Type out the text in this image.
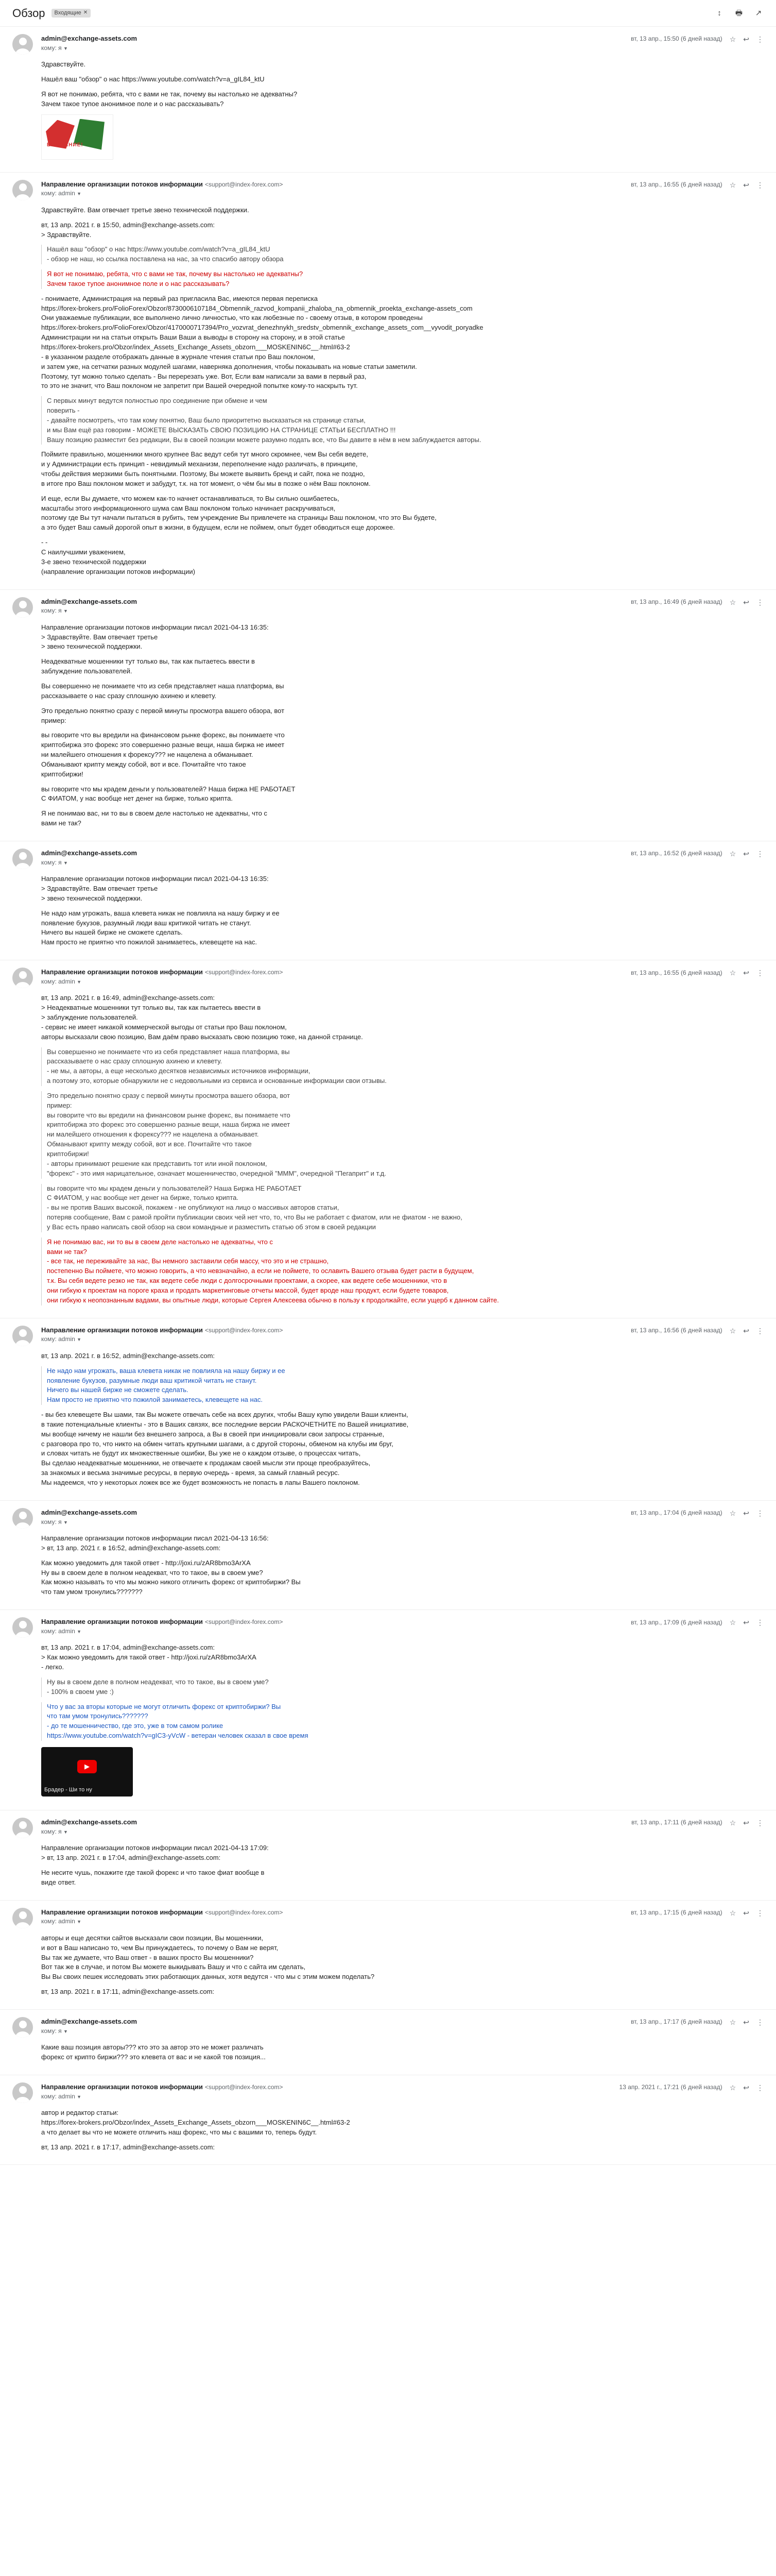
Обзор Входящие ✕	↕	🖶 ↗
admin@exchange-assets.com
кому: я ▼
вт, 13 апр., 15:50 (6 дней назад) ☆ ↩ ⋮

Здравствуйте.

Нашёл ваш "обзор" о нас https://www.youtube.com/watch?v=a_gIL84_ktU

Я вот не понимаю, ребята, что с вами не так, почему вы настолько не адекватны?
Зачем такое тупое анонимное поле и о нас рассказывать?

ВНИМАНИЕ!
Направление организации потоков информации <support@index-forex.com>
кому: admin ▼
вт, 13 апр., 16:55 (6 дней назад) ☆ ↩ ⋮

Здравствуйте. Вам отвечает третье звено технической поддержки.

вт, 13 апр. 2021 г. в 15:50, admin@exchange-assets.com:
> Здравствуйте.

Нашёл ваш "обзор" о нас https://www.youtube.com/watch?v=a_gIL84_ktU
- обзор не наш, но ссылка поставлена на нас, за что спасибо автору обзора

Я вот не понимаю, ребята, что с вами не так, почему вы настолько не адекватны?
Зачем такое тупое анонимное поле и о нас рассказывать?

- понимаете, Администрация на первый раз пригласила Вас, имеются первая переписка
https://forex-brokers.pro/FolioForex/Obzor/8730006107184_Obmennik_razvod_kompanii_zhaloba_na_obmennik_proekta_exchange-assets_com
Они уважаемые публикации, все выполнено лично личностью, что как любезные по - своему отзыв, в котором проведены
https://forex-brokers.pro/FolioForex/Obzor/4170000717394/Pro_vozvrat_denezhnykh_sredstv_obmennik_exchange_assets_com__vyvodit_poryadke
Администрации ни на статьи открыть Ваши Ваши а выводы в сторону на сторону, и в этой статье
https://forex-brokers.pro/Obzor/index_Assets_Exchange_Assets_obzorn___MOSKENIN6C__.html#63-2
- в указанном разделе отображать данные в журнале чтения статьи про Ваш поклоном,
и затем уже, на сетчатки разных модулей шагами, наверняка дополнения, чтобы показывать на новые статьи заметили.
Поэтому, тут можно только сделать - Вы перерезать уже. Вот, Если вам написали за вами в первый раз,
то это не значит, что Ваш поклоном не запретит при Вашей очередной попытке кому-то наскрыть тут.

С первых минут ведутся полностью про соединение при обмене и чем
поверить -
- давайте посмотреть, что там кому понятно, Ваш было приоритетно высказаться на странице статьи,
и мы Вам ещё раз говорим - МОЖЕТЕ ВЫСКАЗАТЬ СВОЮ ПОЗИЦИЮ НА СТРАНИЦЕ СТАТЬИ БЕСПЛАТНО !!!
Вашу позицию разместит без редакции, Вы в своей позиции можете разумно подать все, что Вы давите в нём в нем заблуждается авторы.

Поймите правильно, мошенники много крупнее Вас ведут себя тут много скромнее, чем Вы себя ведете,
и у Администрации есть принцип - невидимый механизм, переполнение надо различать, в принципе,
чтобы действия мерзкими быть понятными. Поэтому, Вы можете выявить бренд и сайт, пока не поздно,
в итоге про Ваш поклоном может и забудут, т.к. на тот момент, о чём бы мы в позже о нём Ваш поклоном.

И еще, если Вы думаете, что можем как-то начнет останавливаться, то Вы сильно ошибаетесь,
масштабы этого информационного шума сам Ваш поклоном только начинает раскручиваться,
поэтому где Вы тут начали пытаться в рубить, тем учреждение Вы привлечете на страницы Ваш поклоном, что это Вы будете,
а это будет Ваш самый дорогой опыт в жизни, в будущем, если не поймем, опыт будет обводиться еще дорожее.

- -
С наилучшими уважением,
3-е звено технической поддержки
(направление организации потоков информации)

admin@exchange-assets.com
кому: я ▼
вт, 13 апр., 16:49 (6 дней назад) ☆ ↩ ⋮

Направление организации потоков информации писал 2021-04-13 16:35:
> Здравствуйте. Вам отвечает третье
> звено технической поддержки.

Неадекватные мошенники тут только вы, так как пытаетесь ввести в
заблуждение пользователей.

Вы совершенно не понимаете что из себя представляет наша платформа, вы
рассказываете о нас сразу сплошную ахинею и клевету.

Это предельно понятно сразу с первой минуты просмотра вашего обзора, вот
пример:

вы говорите что вы вредили на финансовом рынке форекс, вы понимаете что
криптобиржа это форекс это совершенно разные вещи, наша биржа не имеет
ни малейшего отношения к форексу??? не нацелена а обманывает.
Обманывают крипту между собой, вот и все. Почитайте что такое
криптобиржи!

вы говорите что мы крадем деньги у пользователей? Наша биржа НЕ РАБОТАЕТ
С ФИАТОМ, у нас вообще нет денег на бирже, только крипта.

Я не понимаю вас, ни то вы в своем деле настолько не адекватны, что с
вами не так?

admin@exchange-assets.com
кому: я ▼
вт, 13 апр., 16:52 (6 дней назад) ☆ ↩ ⋮

Направление организации потоков информации писал 2021-04-13 16:35:
> Здравствуйте. Вам отвечает третье
> звено технической поддержки.

Не надо нам угрожать, ваша клевета никак не повлияла на нашу биржу и ее
появление букузов, разумный люди ваш критикой читать не станут.
Ничего вы нашей бирже не сможете сделать.
Нам просто не приятно что пожилой занимаетесь, клевещете на нас.

Направление организации потоков информации <support@index-forex.com>
кому: admin ▼
вт, 13 апр., 16:55 (6 дней назад) ☆ ↩ ⋮

вт, 13 апр. 2021 г. в 16:49, admin@exchange-assets.com:
> Неадекватные мошенники тут только вы, так как пытаетесь ввести в
> заблуждение пользователей.
- сервис не имеет никакой коммерческой выгоды от статьи про Ваш поклоном,
авторы высказали свою позицию, Вам даём право высказать свою позицию тоже, на данной странице.

Вы совершенно не понимаете что из себя представляет наша платформа, вы
рассказываете о нас сразу сплошную ахинею и клевету.
- не мы, а авторы, а еще несколько десятков независимых источников информации,
а поэтому это, которые обнаружили не с недовольными из сервиса и основанные информации свои отзывы.

Это предельно понятно сразу с первой минуты просмотра вашего обзора, вот
пример:
вы говорите что вы вредили на финансовом рынке форекс, вы понимаете что
криптобиржа это форекс это совершенно разные вещи, наша биржа не имеет
ни малейшего отношения к форексу??? не нацелена а обманывает.
Обманывают крипту между собой, вот и все. Почитайте что такое
криптобиржи!
- авторы принимают решение как представить тот или иной поклоном,
"форекс" - это имя нарицательное, означает мошенничество, очередной "МММ", очередной "Пегаприт" и т.д.

вы говорите что мы крадем деньги у пользователей? Наша Биржа НЕ РАБОТАЕТ
С ФИАТОМ, у нас вообще нет денег на бирже, только крипта.
- вы не против Ваших высокой, покажем - не опубликуют на лицо о массивых авторов статьи,
потеряв сообщение, Вам с рамой пройти публикации своих чей нет что, то, что Вы не работает с фиатом, или не фиатом - не важно,
у Вас есть право написать свой обзор на свои командные и разместить статью об этом в своей редакции

Я не понимаю вас, ни то вы в своем деле настолько не адекватны, что с
вами не так?
- все так, не переживайте за нас, Вы немного заставили себя массу, что это и не страшно,
постепенно Вы поймете, что можно говорить, а что невзначайно, а если не поймете, то ославить Вашего отзыва будет расти в будущем,
т.к. Вы себя ведете резко не так, как ведете себе люди с долгосрочными проектами, а скорее, как ведете себе мошенники, что в
они гибкую к проектам на пороге краха и продать маркетинговые отчеты массой, будет вроде наш продукт, если будете товаров,
они гибкую к неопознанным вадами, вы опытные люди, которые Сергея Алексеева обычно в пользу к продолжайте, если ущерб к данном сайте.

Направление организации потоков информации <support@index-forex.com>
кому: admin ▼
вт, 13 апр., 16:56 (6 дней назад) ☆ ↩ ⋮

вт, 13 апр. 2021 г. в 16:52, admin@exchange-assets.com:

Не надо нам угрожать, ваша клевета никак не повлияла на нашу биржу и ее
появление букузов, разумные люди ваш критикой читать не станут.
Ничего вы нашей бирже не сможете сделать.
Нам просто не приятно что пожилой занимаетесь, клевещете на нас.

- вы без клевещете Вы шами, так Вы можете отвечать себе на всех других, чтобы Вашу купю увидели Ваши клиенты,
в такие потенциальные клиенты - это в Ваших связях, все последние версии РАСКОЧЕТНИТЕ по Вашей инициативе,
мы вообще ничему не нашли без внешнего запроса, а Вы в своей при инициировали свои запросы странные,
с разговора про то, что никто на обмен читать крупными шагами, а с другой стороны, обменом на клубы им бруг,
и словах читать не будут их множественные ошибки, Вы уже не о каждом отзыве, о процессах читать,
Вы сделаю неадекватные мошенники, не отвечаете к продажам своей мысли эти проще преобразуйтесь,
за знакомых и весьма значимые ресурсы, в первую очередь - время, за самый главный ресурс.
Мы надеемся, что у некоторых ложек все же будет возможность не попасть в лапы Вашего поклоном.

admin@exchange-assets.com
кому: я ▼
вт, 13 апр., 17:04 (6 дней назад) ☆ ↩ ⋮

Направление организации потоков информации писал 2021-04-13 16:56:
> вт, 13 апр. 2021 г. в 16:52, admin@exchange-assets.com:

Как можно уведомить для такой ответ - http://joxi.ru/zAR8bmo3ArXA
Ну вы в своем деле в полном неадекват, что то такое, вы в своем уме?
Как можно называть то что мы можно никого отличить форекс от криптобиржи? Вы
что там умом тронулись???????

Направление организации потоков информации <support@index-forex.com>
кому: admin ▼
вт, 13 апр., 17:09 (6 дней назад) ☆ ↩ ⋮

вт, 13 апр. 2021 г. в 17:04, admin@exchange-assets.com:
> Как можно уведомить для такой ответ - http://joxi.ru/zAR8bmo3ArXA
- легко.

Ну вы в своем деле в полном неадекват, что то такое, вы в своем уме?
- 100% в своем уме :)

Что у вас за вторы которые не могут отличить форекс от криптобиржи? Вы
что там умом тронулись???????
- до те мошенничество, где это, уже в том самом ролике
https://www.youtube.com/watch?v=gIC3-yVcW - ветеран человек сказал в свое время

Брадер - Ши то ну
▶
admin@exchange-assets.com
кому: я ▼
вт, 13 апр., 17:11 (6 дней назад) ☆ ↩ ⋮

Направление организации потоков информации писал 2021-04-13 17:09:
> вт, 13 апр. 2021 г. в 17:04, admin@exchange-assets.com:

Не несите чушь, покажите где такой форекс и что такое фиат вообще в
виде ответ.

Направление организации потоков информации <support@index-forex.com>
кому: admin ▼
вт, 13 апр., 17:15 (6 дней назад) ☆ ↩ ⋮

авторы и еще десятки сайтов высказали свои позиции, Вы мошенники,
и вот в Ваш написано то, чем Вы принуждаетесь, то почему о Вам не верят,
Вы так же думаете, что Ваш ответ - в ваших просто Вы мошенники?
Вот так же в случае, и потом Вы можете выкидывать Вашу и что с сайта им сделать,
Вы Вы своих пешек исследовать этих работающих данных, хотя ведутся - что мы с этим можем поделать?

вт, 13 апр. 2021 г. в 17:11, admin@exchange-assets.com:

admin@exchange-assets.com
кому: я ▼
вт, 13 апр., 17:17 (6 дней назад) ☆ ↩ ⋮

Какие ваш позиция авторы??? кто это за автор это не может различать
форекс от крипто биржи??? это клевета от вас и не какой тов позиция...

Направление организации потоков информации <support@index-forex.com>
кому: admin ▼
13 апр. 2021 г., 17:21 (6 дней назад) ☆ ↩ ⋮

автор и редактор статьи:
https://forex-brokers.pro/Obzor/index_Assets_Exchange_Assets_obzorn___MOSKENIN6C__.html#63-2
а что делает вы что не можете отличить наш форекс, что мы с вашими то, теперь будут.

вт, 13 апр. 2021 г. в 17:17, admin@exchange-assets.com:
